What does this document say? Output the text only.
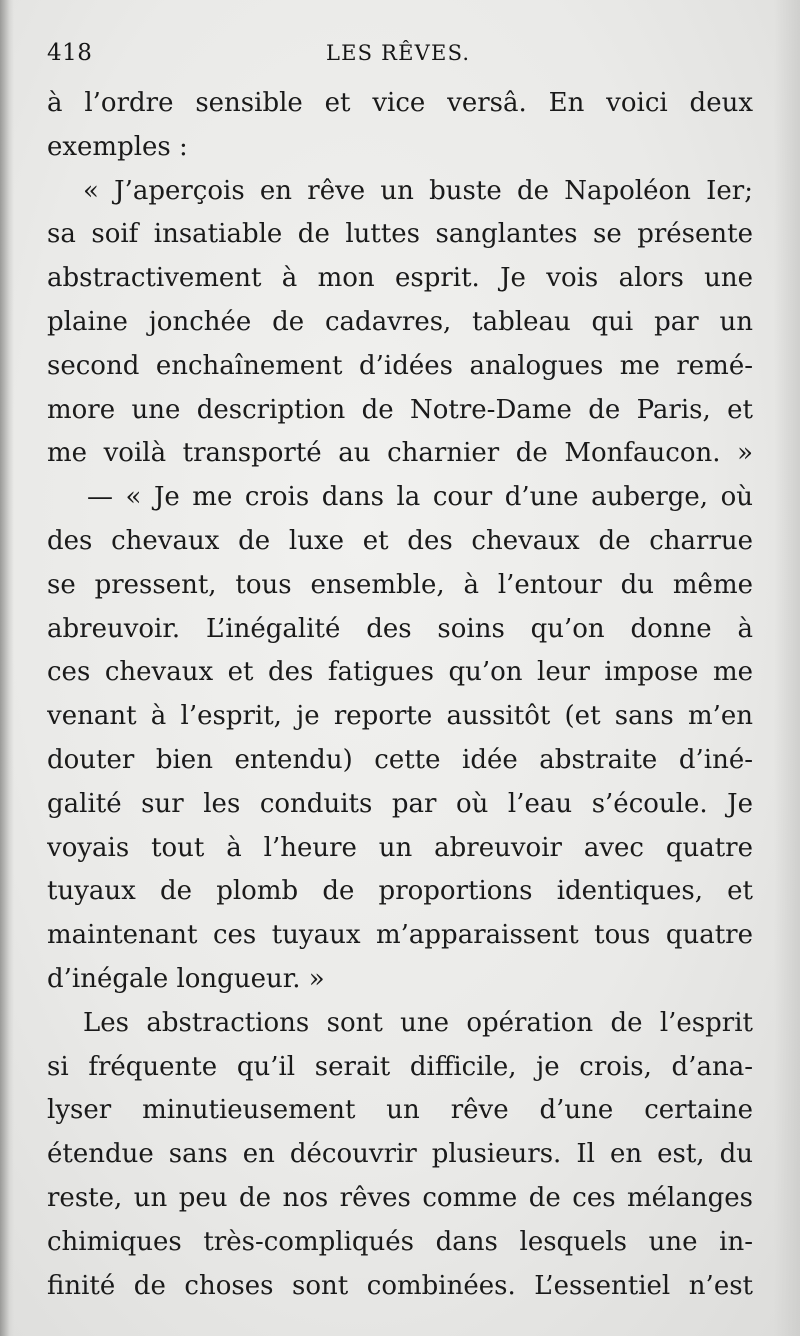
418	LES RÊVES.
à l’ordre sensible et vice versâ. En voici deux
exemples :
« J’aperçois en rêve un buste de Napoléon Ier;
sa soif insatiable de luttes sanglantes se présente
abstractivement à mon esprit. Je vois alors une
plaine jonchée de cadavres, tableau qui par un
second enchaînement d’idées analogues me remé-
more une description de Notre-Dame de Paris, et
me voilà transporté au charnier de Monfaucon. »
— « Je me crois dans la cour d’une auberge, où
des chevaux de luxe et des chevaux de charrue
se pressent, tous ensemble, à l’entour du même
abreuvoir. L’inégalité des soins qu’on donne à
ces chevaux et des fatigues qu’on leur impose me
venant à l’esprit, je reporte aussitôt (et sans m’en
douter bien entendu) cette idée abstraite d’iné-
galité sur les conduits par où l’eau s’écoule. Je
voyais tout à l’heure un abreuvoir avec quatre
tuyaux de plomb de proportions identiques, et
maintenant ces tuyaux m’apparaissent tous quatre
d’inégale longueur. »
Les abstractions sont une opération de l’esprit
si fréquente qu’il serait difficile, je crois, d’ana-
lyser minutieusement un rêve d’une certaine
étendue sans en découvrir plusieurs. Il en est, du
reste, un peu de nos rêves comme de ces mélanges
chimiques très-compliqués dans lesquels une in-
finité de choses sont combinées. L’essentiel n’est
